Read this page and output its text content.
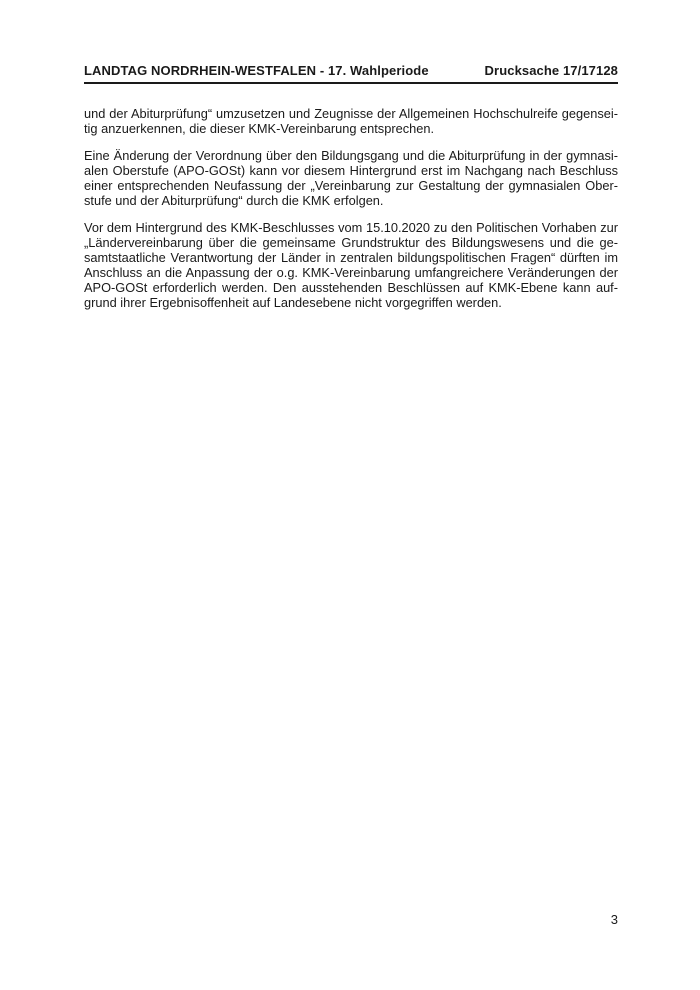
LANDTAG NORDRHEIN-WESTFALEN - 17. Wahlperiode	Drucksache 17/17128
und der Abiturprüfung“ umzusetzen und Zeugnisse der Allgemeinen Hochschulreife gegensei-
tig anzuerkennen, die dieser KMK-Vereinbarung entsprechen.
Eine Änderung der Verordnung über den Bildungsgang und die Abiturprüfung in der gymnasi-
alen Oberstufe (APO-GOSt) kann vor diesem Hintergrund erst im Nachgang nach Beschluss
einer entsprechenden Neufassung der „Vereinbarung zur Gestaltung der gymnasialen Ober-
stufe und der Abiturprüfung“ durch die KMK erfolgen.
Vor dem Hintergrund des KMK-Beschlusses vom 15.10.2020 zu den Politischen Vorhaben zur
„Ländervereinbarung über die gemeinsame Grundstruktur des Bildungswesens und die ge-
samtstaatliche Verantwortung der Länder in zentralen bildungspolitischen Fragen“ dürften im
Anschluss an die Anpassung der o.g. KMK-Vereinbarung umfangreichere Veränderungen der
APO-GOSt erforderlich werden. Den ausstehenden Beschlüssen auf KMK-Ebene kann auf-
grund ihrer Ergebnisoffenheit auf Landesebene nicht vorgegriffen werden.
3
